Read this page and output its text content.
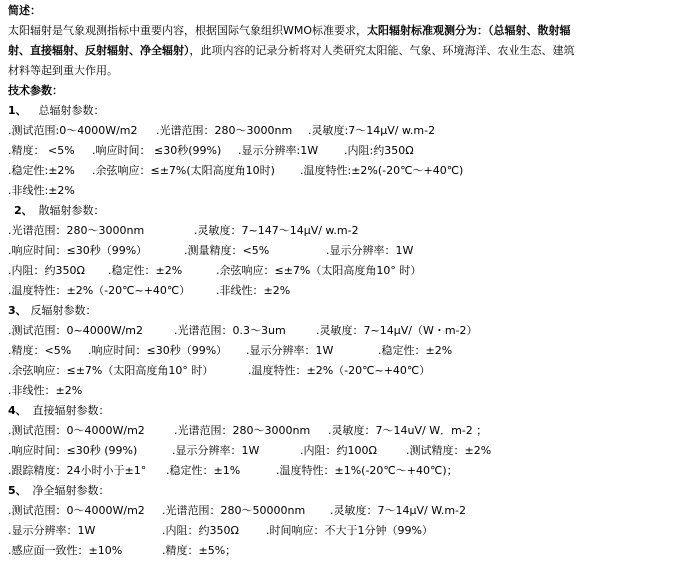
简述：
太阳辐射是气象观测指标中重要内容，根据国际气象组织WMO标准要求，太阳辐射标准观测分为：（总辐射、散射辐
射、直接辐射、反射辐射、净全辐射），此项内容的记录分析将对人类研究太阳能、气象、环境海洋、农业生态、建筑
材料等起到重大作用。
技术参数：
1、 总辐射参数：
.测试范围:0～4000W/m2 .光谱范围：280～3000nm .灵敏度:7～14μV/ w.m-2
.精度： <5% .响应时间： ≤30秒(99%) .显示分辨率:1W .内阻:约350Ω
.稳定性:±2% .余弦响应：≤±7%(太阳高度角10时) .温度特性:±2%(-20℃～+40℃)
.非线性:±2%
2、 散辐射参数：
.光谱范围：280～3000nm	.灵敏度：7~147～14μV/ w.m-2
.响应时间：≤30秒（99%）	.测量精度：<5%	.显示分辨率：1W
.内阻：约350Ω .稳定性：±2%	.余弦响应：≤±7%（太阳高度角10° 时）
.温度特性：±2%（-20℃~+40℃） .非线性：±2%
3、 反辐射参数：
.测试范围：0~4000W/m2	.光谱范围：0.3～3um	.灵敏度：7~14μV/（W・m-2）
.精度：<5% .响应时间：≤30秒（99%） .显示分辨率：1W	.稳定性：±2%
.余弦响应：≤±7%（太阳高度角10° 时）	.温度特性：±2%（-20℃~+40℃）
.非线性：±2%
4、 直接辐射参数：
.测试范围：0～4000W/m2	.光谱范围：280～3000nm .灵敏度：7～14uV/ W．m-2 ；
.响应时间：≤30秒 (99%)	.显示分辨率：1W	.内阻：约100Ω	.测试精度：±2%
.跟踪精度：24小时小于±1° .稳定性：±1%	.温度特性：±1%(-20℃～+40℃)；
5、 净全辐射参数：
.测试范围：0～4000W/m2 .光谱范围：280～50000nm .灵敏度：7～14μV/ W.m-2
.显示分辨率：1W	.内阻：约350Ω .时间响应：不大于1分钟（99%）
.感应面一致性：±10%	.精度：±5%；
